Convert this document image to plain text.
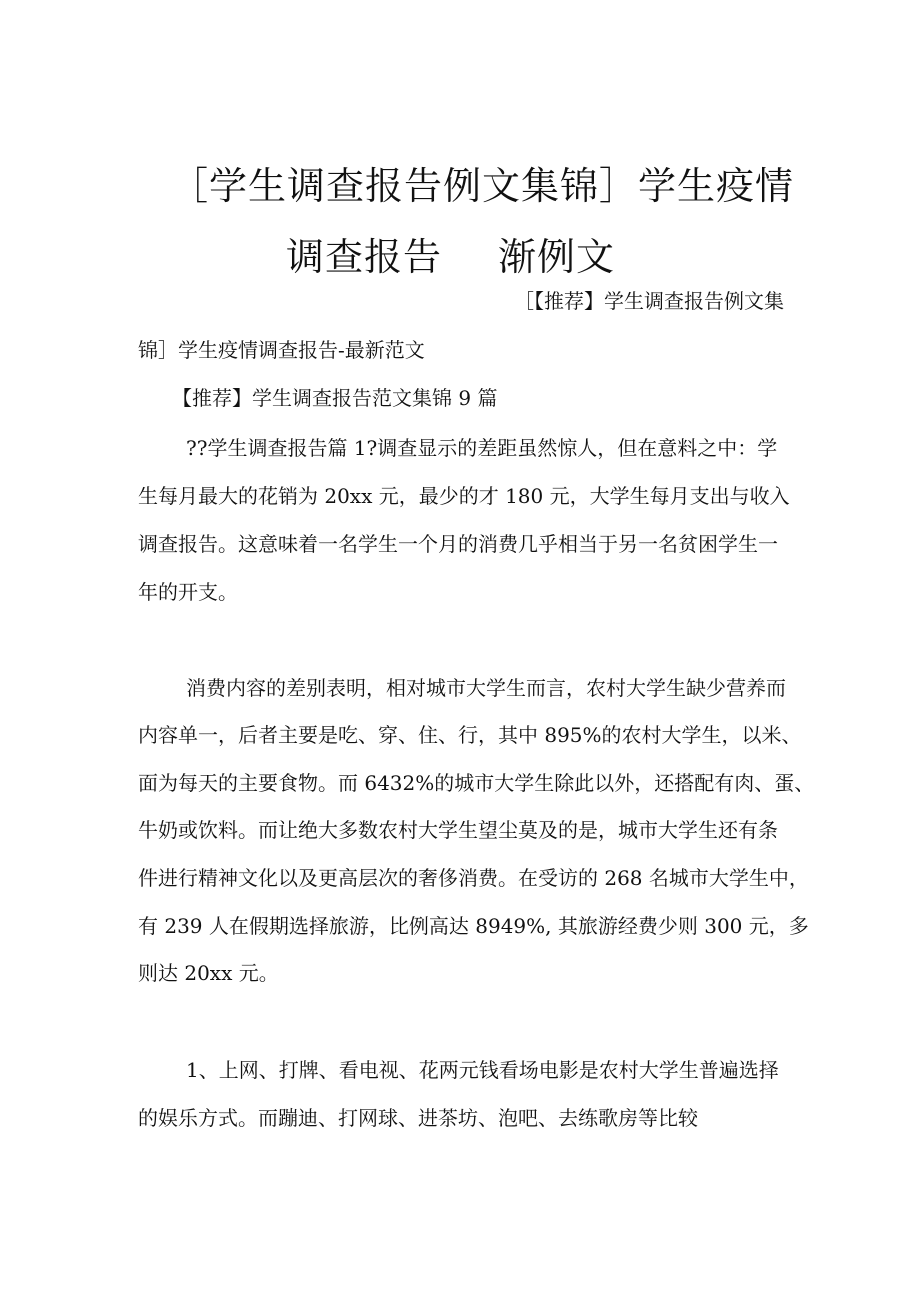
［学生调查报告例文集锦］学生疫情
调查报告 渐例文
［【推荐】学生调查报告例文集
锦］学生疫情调查报告-最新范文
【推荐】学生调查报告范文集锦 9 篇
??学生调查报告篇 1?调查显示的差距虽然惊人，但在意料之中：学
生每月最大的花销为 20xx 元，最少的才 180 元，大学生每月支出与收入
调查报告。这意味着一名学生一个月的消费几乎相当于另一名贫困学生一
年的开支。
消费内容的差别表明，相对城市大学生而言，农村大学生缺少营养而
内容单一，后者主要是吃、穿、住、行，其中 895%的农村大学生，以米、
面为每天的主要食物。而 6432%的城市大学生除此以外，还搭配有肉、蛋、
牛奶或饮料。而让绝大多数农村大学生望尘莫及的是，城市大学生还有条
件进行精神文化以及更高层次的奢侈消费。在受访的 268 名城市大学生中，
有 239 人在假期选择旅游，比例高达 8949%, 其旅游经费少则 300 元，多
则达 20xx 元。
1、上网、打牌、看电视、花两元钱看场电影是农村大学生普遍选择
的娱乐方式。而蹦迪、打网球、进茶坊、泡吧、去练歌房等比较
